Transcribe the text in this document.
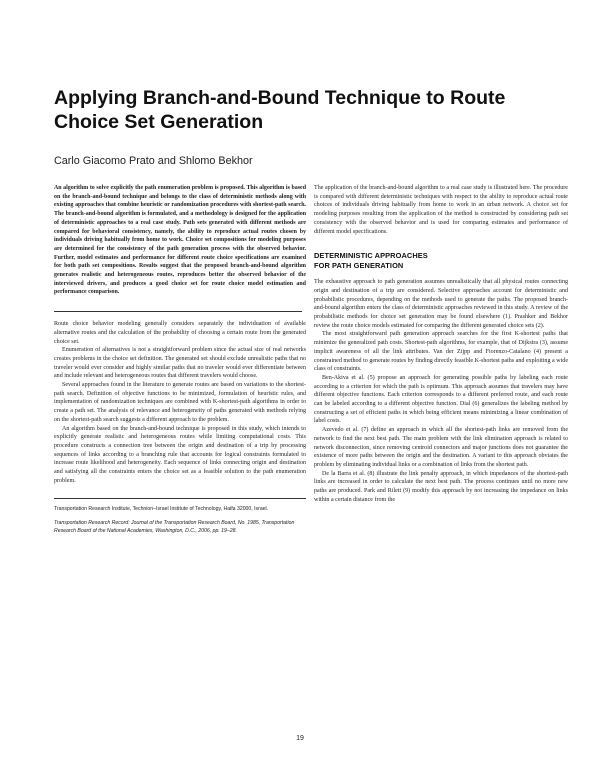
Applying Branch-and-Bound Technique to Route Choice Set Generation
Carlo Giacomo Prato and Shlomo Bekhor

An algorithm to solve explicitly the path enumeration problem is proposed. This algorithm is based on the branch-and-bound technique and belongs to the class of deterministic methods along with existing approaches that combine heuristic or randomization procedures with shortest-path search. The branch-and-bound algorithm is formulated, and a methodology is designed for the application of deterministic approaches to a real case study. Path sets generated with different methods are compared for behavioral consistency, namely, the ability to reproduce actual routes chosen by individuals driving habitually from home to work. Choice set compositions for modeling purposes are determined for the consistency of the path generation process with the observed behavior. Further, model estimates and performance for different route choice specifications are examined for both path set compositions. Results suggest that the proposed branch-and-bound algorithm generates realistic and heterogeneous routes, reproduces better the observed behavior of the interviewed drivers, and produces a good choice set for route choice model estimation and performance comparison.

Route choice behavior modeling generally considers separately the individuation of available alternative routes and the calculation of the probability of choosing a certain route from the generated choice set.

Enumeration of alternatives is not a straightforward problem since the actual size of real networks creates problems in the choice set definition. The generated set should exclude unrealistic paths that no traveler would ever consider and highly similar paths that no traveler would ever differentiate between and include relevant and heterogeneous routes that different travelers would choose.

Several approaches found in the literature to generate routes are based on variations to the shortest-path search. Definition of objective functions to be minimized, formulation of heuristic rules, and implementation of randomization techniques are combined with K-shortest-path algorithms in order to create a path set. The analysis of relevance and heterogeneity of paths generated with methods relying on the shortest-path search suggests a different approach to the problem.

An algorithm based on the branch-and-bound technique is proposed in this study, which intends to explicitly generate realistic and heterogeneous routes while limiting computational costs. This procedure constructs a connection tree between the origin and destination of a trip by processing sequences of links according to a branching rule that accounts for logical constraints formulated to increase route likelihood and heterogeneity. Each sequence of links connecting origin and destination and satisfying all the constraints enters the choice set as a feasible solution to the path enumeration problem.

Transportation Research Institute, Technion–Israel Institute of Technology, Haifa 32000, Israel.

Transportation Research Record: Journal of the Transportation Research Board, No. 1985, Transportation Research Board of the National Academies, Washington, D.C., 2006, pp. 19–28.

The application of the branch-and-bound algorithm to a real case study is illustrated here. The procedure is compared with different deterministic techniques with respect to the ability to reproduce actual route choices of individuals driving habitually from home to work in an urban network. A choice set for modeling purposes resulting from the application of the method is constructed by considering path set consistency with the observed behavior and is used for comparing estimates and performance of different model specifications.

DETERMINISTIC APPROACHES
FOR PATH GENERATION

The exhaustive approach to path generation assumes unrealistically that all physical routes connecting origin and destination of a trip are considered. Selective approaches account for deterministic and probabilistic procedures, depending on the methods used to generate the paths. The proposed branch-and-bound algorithm enters the class of deterministic approaches reviewed in this study. A review of the probabilistic methods for choice set generation may be found elsewhere (1). Prashker and Bekhor review the route choice models estimated for comparing the different generated choice sets (2).

The most straightforward path generation approach searches for the first K-shortest paths that minimize the generalized path costs. Shortest-path algorithms, for example, that of Dijkstra (3), assume implicit awareness of all the link attributes. Van der Zijpp and Fiorenzo-Catalano (4) present a constrained method to generate routes by finding directly feasible K-shortest paths and exploiting a wide class of constraints.

Ben-Akiva et al. (5) propose an approach for generating possible paths by labeling each route according to a criterion for which the path is optimum. This approach assumes that travelers may have different objective functions. Each criterion corresponds to a different preferred route, and each route can be labeled according to a different objective function. Dial (6) generalizes the labeling method by constructing a set of efficient paths in which being efficient means minimizing a linear combination of label costs.

Azevedo et al. (7) define an approach in which all the shortest-path links are removed from the network to find the next best path. The main problem with the link elimination approach is related to network disconnection, since removing centroid connectors and major junctions does not guarantee the existence of more paths between the origin and the destination. A variant to this approach obviates the problem by eliminating individual links or a combination of links from the shortest path.

De la Barra et al. (8) illustrate the link penalty approach, in which impedances of the shortest-path links are increased in order to calculate the next best path. The process continues until no more new paths are produced. Park and Rilett (9) modify this approach by not increasing the impedance on links within a certain distance from the

19
